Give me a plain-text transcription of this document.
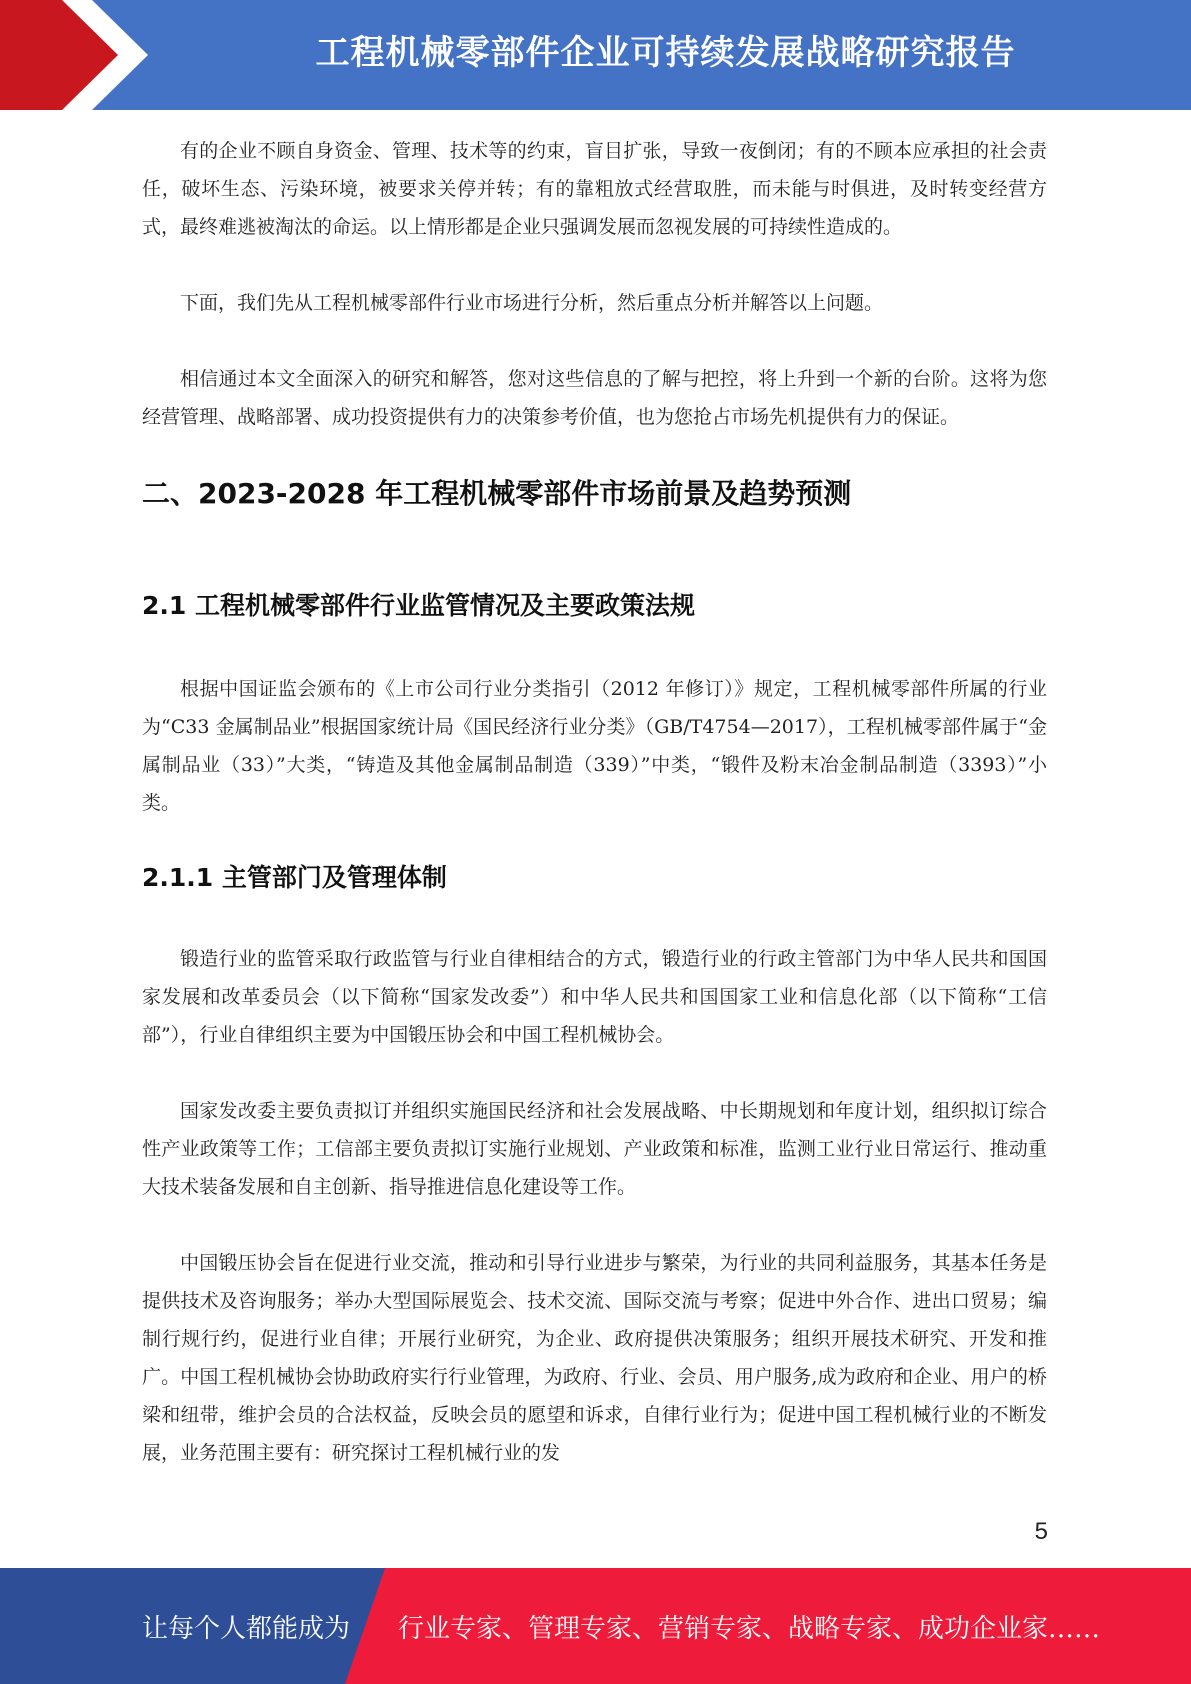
工程机械零部件企业可持续发展战略研究报告

有的企业不顾自身资金、管理、技术等的约束，盲目扩张，导致一夜倒闭；有的不顾本应承担的社会责任，破坏生态、污染环境，被要求关停并转；有的靠粗放式经营取胜，而未能与时俱进，及时转变经营方式，最终难逃被淘汰的命运。以上情形都是企业只强调发展而忽视发展的可持续性造成的。

下面，我们先从工程机械零部件行业市场进行分析，然后重点分析并解答以上问题。

相信通过本文全面深入的研究和解答，您对这些信息的了解与把控，将上升到一个新的台阶。这将为您经营管理、战略部署、成功投资提供有力的决策参考价值，也为您抢占市场先机提供有力的保证。

二、2023-2028 年工程机械零部件市场前景及趋势预测
2.1 工程机械零部件行业监管情况及主要政策法规

根据中国证监会颁布的《上市公司行业分类指引（2012 年修订）》规定，工程机械零部件所属的行业为“C33 金属制品业”根据国家统计局《国民经济行业分类》（GB/T4754—2017），工程机械零部件属于“金属制品业（33）”大类，“铸造及其他金属制品制造（339）”中类，“锻件及粉末冶金制品制造（3393）”小类。

2.1.1 主管部门及管理体制

锻造行业的监管采取行政监管与行业自律相结合的方式，锻造行业的行政主管部门为中华人民共和国国家发展和改革委员会（以下简称“国家发改委”）和中华人民共和国国家工业和信息化部（以下简称“工信部”），行业自律组织主要为中国锻压协会和中国工程机械协会。

国家发改委主要负责拟订并组织实施国民经济和社会发展战略、中长期规划和年度计划，组织拟订综合性产业政策等工作；工信部主要负责拟订实施行业规划、产业政策和标准，监测工业行业日常运行、推动重大技术装备发展和自主创新、指导推进信息化建设等工作。

中国锻压协会旨在促进行业交流，推动和引导行业进步与繁荣，为行业的共同利益服务，其基本任务是提供技术及咨询服务；举办大型国际展览会、技术交流、国际交流与考察；促进中外合作、进出口贸易；编制行规行约，促进行业自律；开展行业研究，为企业、政府提供决策服务；组织开展技术研究、开发和推广。中国工程机械协会协助政府实行行业管理，为政府、行业、会员、用户服务,成为政府和企业、用户的桥梁和纽带，维护会员的合法权益，反映会员的愿望和诉求，自律行业行为；促进中国工程机械行业的不断发展，业务范围主要有：研究探讨工程机械行业的发

5
让每个人都能成为 行业专家、管理专家、营销专家、战略专家、成功企业家……
